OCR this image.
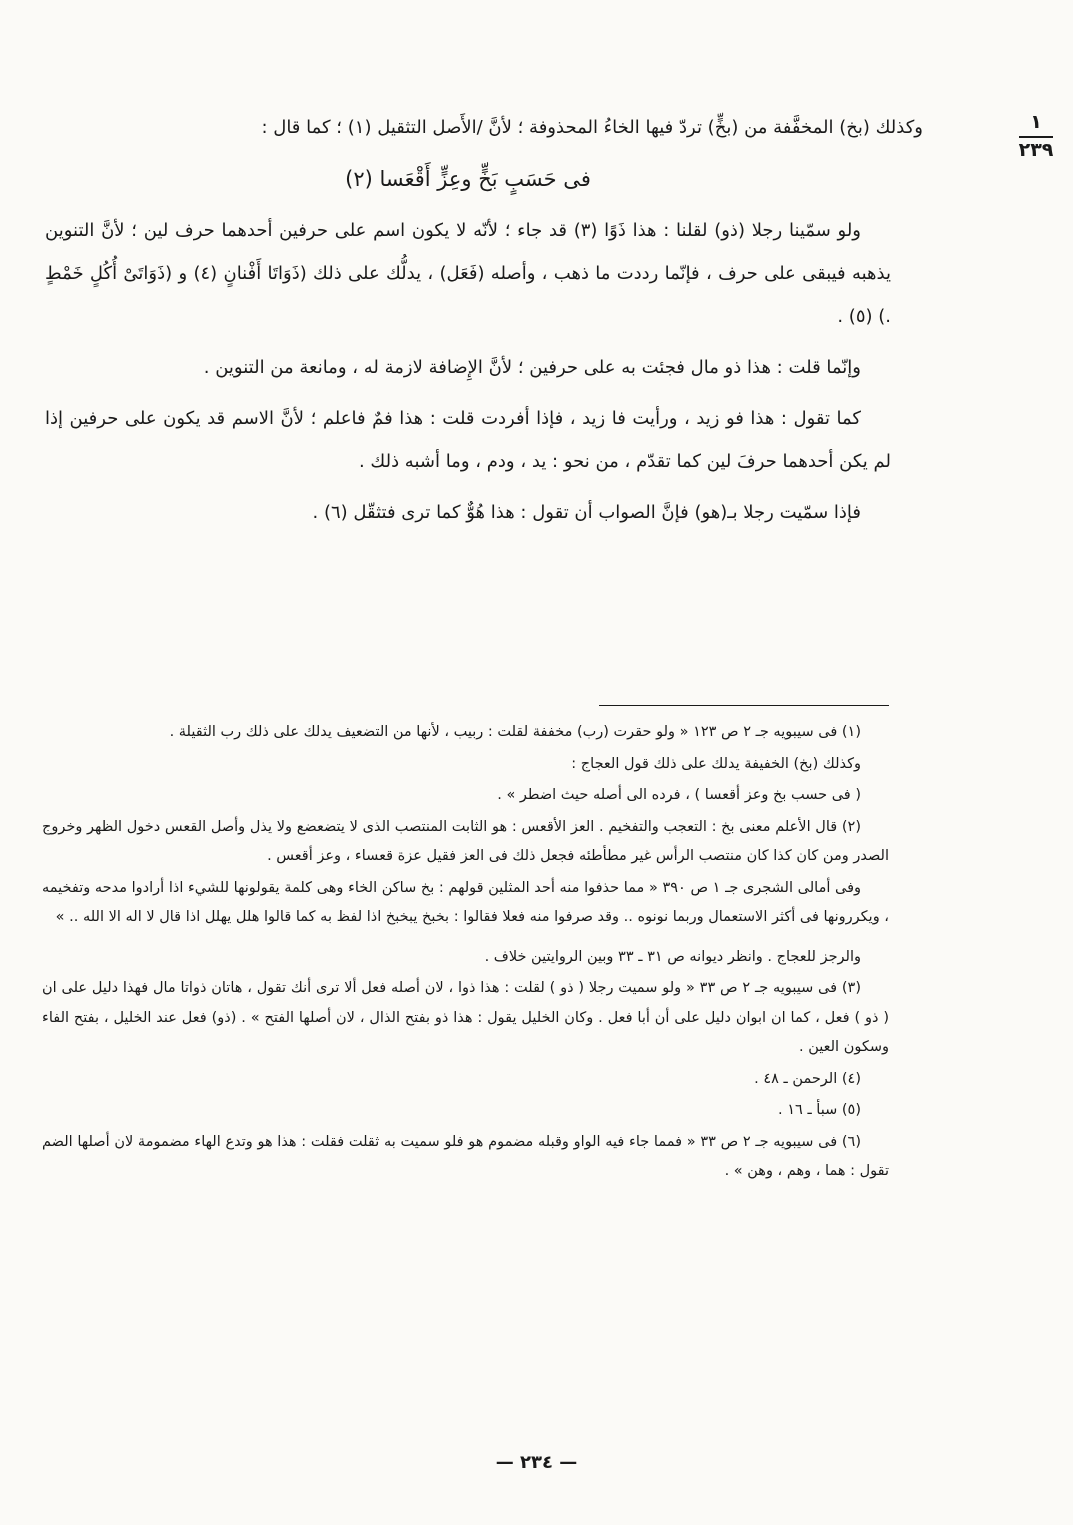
١
٢٣٩

وكذلك (بخ) المخفَّفة من (بخٍّ) تردّ فيها الخاءُ المحذوفة ؛ لأنَّ /الأَصل التثقيل (١) ؛ كما قال :

فى حَسَبٍ بَخٍّ وعِزٍّ أَقْعَسا (٢)

ولو سمّينا رجلا (ذو) لقلنا : هذا ذَوًا (٣) قد جاء ؛ لأنّه لا يكون اسم على حرفين أحدهما حرف لين ؛ لأنَّ التنوين يذهبه فيبقى على حرف ، فإنّما رددت ما ذهب ، وأصله (فَعَل) ، يدلُّك على ذلك (ذَوَاتَا أَفْنانٍ (٤) و (ذَوَاتَىْ أُكُلٍ خَمْطٍ .) (٥) .

وإنّما قلت : هذا ذو مال فجئت به على حرفين ؛ لأنَّ الإِضافة لازمة له ، ومانعة من التنوين .

كما تقول : هذا فو زيد ، ورأيت فا زيد ، فإذا أفردت قلت : هذا فمٌ فاعلم ؛ لأنَّ الاسم قد يكون على حرفين إذا لم يكن أحدهما حرفَ لين كما تقدّم ، من نحو : يد ، ودم ، وما أشبه ذلك .

فإذا سمّيت رجلا بـ(هو) فإنَّ الصواب أن تقول : هذا هُوٌّ كما ترى فتثقّل (٦) .

(١) فى سيبويه جـ ٢ ص ١٢٣ « ولو حقرت (رب) مخففة لقلت : ربيب ، لأنها من التضعيف يدلك على ذلك رب الثقيلة .

وكذلك (بخ) الخفيفة يدلك على ذلك قول العجاج :

( فى حسب بخ وعز أقعسا ) ، فرده الى أصله حيث اضطر » .

(٢) قال الأعلم معنى بخ : التعجب والتفخيم . العز الأقعس : هو الثابت المنتصب الذى لا يتضعضع ولا يذل وأصل القعس دخول الظهر وخروج الصدر ومن كان كذا كان منتصب الرأس غير مطأطئه فجعل ذلك فى العز فقيل عزة قعساء ، وعز أقعس .

وفى أمالى الشجرى جـ ١ ص ٣٩٠ « مما حذفوا منه أحد المثلين قولهم : بخ ساكن الخاء وهى كلمة يقولونها للشيء اذا أرادوا مدحه وتفخيمه ، ويكررونها فى أكثر الاستعمال وربما نونوه .. وقد صرفوا منه فعلا فقالوا : بخبخ يبخبخ اذا لفظ به كما قالوا هلل يهلل اذا قال لا اله الا الله .. »

والرجز للعجاج . وانظر ديوانه ص ٣١ ـ ٣٣ وبين الروايتين خلاف .

(٣) فى سيبويه جـ ٢ ص ٣٣ « ولو سميت رجلا ( ذو ) لقلت : هذا ذوا ، لان أصله فعل ألا ترى أنك تقول ، هاتان ذواتا مال فهذا دليل على ان ( ذو ) فعل ، كما ان ابوان دليل على أن أبا فعل . وكان الخليل يقول : هذا ذو بفتح الذال ، لان أصلها الفتح » . (ذو) فعل عند الخليل ، بفتح الفاء وسكون العين .

(٤) الرحمن ـ ٤٨ .

(٥) سبأ ـ ١٦ .

(٦) فى سيبويه جـ ٢ ص ٣٣ « فمما جاء فيه الواو وقبله مضموم هو فلو سميت به ثقلت فقلت : هذا هو وتدع الهاء مضمومة لان أصلها الضم تقول : هما ، وهم ، وهن » .

— ٢٣٤ —
